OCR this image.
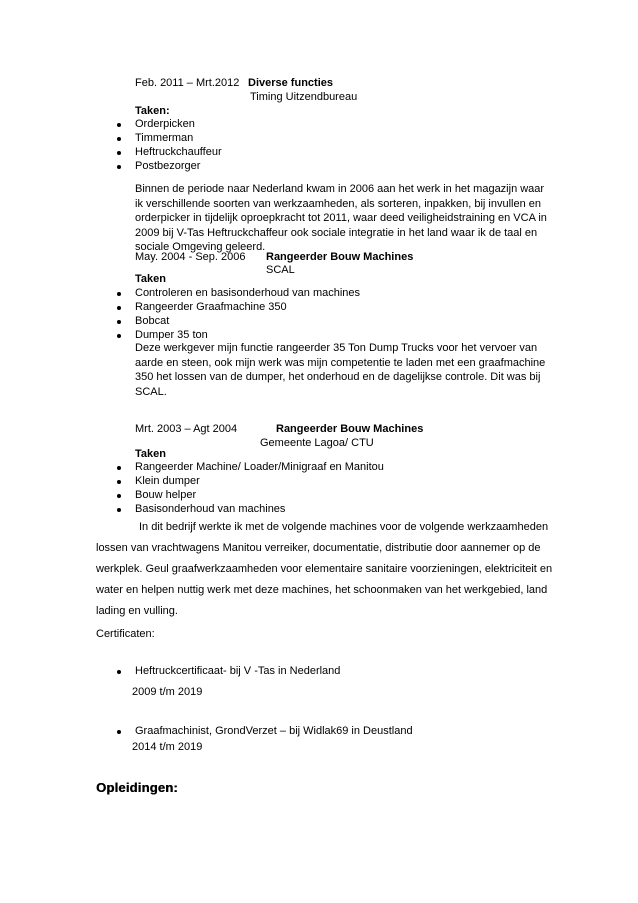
Feb. 2011 – Mrt.2012 Diverse functies
Timing Uitzendbureau
Taken:
Orderpicken
Timmerman
Heftruckchauffeur
Postbezorger
Binnen de periode naar Nederland kwam in 2006 aan het werk in het magazijn waar
ik verschillende soorten van werkzaamheden, als sorteren, inpakken, bij invullen en
orderpicker in tijdelijk oproepkracht tot 2011, waar deed veiligheidstraining en VCA in
2009 bij V-Tas Heftruckchaffeur ook sociale integratie in het land waar ik de taal en
sociale Omgeving geleerd.
May. 2004 - Sep. 2006 Rangeerder Bouw Machines
SCAL
Taken
Controleren en basisonderhoud van machines
Rangeerder Graafmachine 350
Bobcat
Dumper 35 ton
Deze werkgever mijn functie rangeerder 35 Ton Dump Trucks voor het vervoer van
aarde en steen, ook mijn werk was mijn competentie te laden met een graafmachine
350 het lossen van de dumper, het onderhoud en de dagelijkse controle. Dit was bij
SCAL.
Mrt. 2003 – Agt 2004	Rangeerder Bouw Machines
Gemeente Lagoa/ CTU
Taken
Rangeerder Machine/ Loader/Minigraaf en Manitou
Klein dumper
Bouw helper
Basisonderhoud van machines
In dit bedrijf werkte ik met de volgende machines voor de volgende werkzaamheden
lossen van vrachtwagens Manitou verreiker, documentatie, distributie door aannemer op de
werkplek. Geul graafwerkzaamheden voor elementaire sanitaire voorzieningen, elektriciteit en
water en helpen nuttig werk met deze machines, het schoonmaken van het werkgebied, land
lading en vulling.
Certificaten:
Heftruckcertificaat- bij V -Tas in Nederland
2009 t/m 2019
Graafmachinist, GrondVerzet – bij Widlak69 in Deustland
2014 t/m 2019
Opleidingen:
